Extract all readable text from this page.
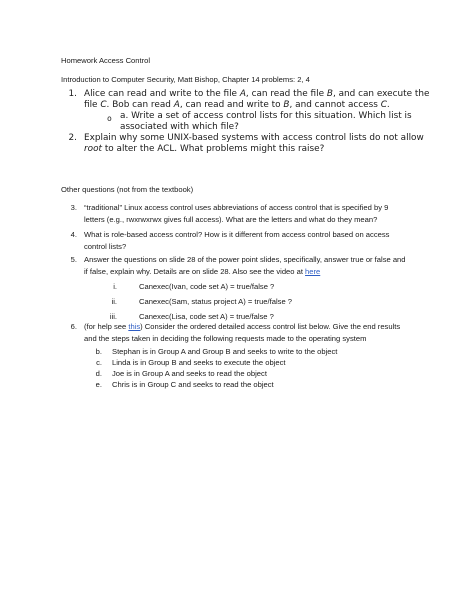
Homework Access Control
Introduction to Computer Security, Matt Bishop, Chapter 14 problems: 2, 4
1. Alice can read and write to the file A, can read the file B, and can execute the
file C. Bob can read A, can read and write to B, and cannot access C.
o a. Write a set of access control lists for this situation. Which list is
associated with which file?
2. Explain why some UNIX-based systems with access control lists do not allow
root to alter the ACL. What problems might this raise?
Other questions (not from the textbook)
3. “traditional” Linux access control uses abbreviations of access control that is specified by 9
letters (e.g., rwxrwxrwx gives full access). What are the letters and what do they mean?
4. What is role-based access control? How is it different from access control based on access
control lists?
5. Answer the questions on slide 28 of the power point slides, specifically, answer true or false and
if false, explain why. Details are on slide 28. Also see the video at here
i.	Canexec(Ivan, code set A) = true/false ?
ii.	Canexec(Sam, status project A) = true/false ?
iii.	Canexec(Lisa, code set A) = true/false ?
6. (for help see this) Consider the ordered detailed access control list below. Give the end results
and the steps taken in deciding the following requests made to the operating system
b. Stephan is in Group A and Group B and seeks to write to the object
c. Linda is in Group B and seeks to execute the object
d. Joe is in Group A and seeks to read the object
e. Chris is in Group C and seeks to read the object
